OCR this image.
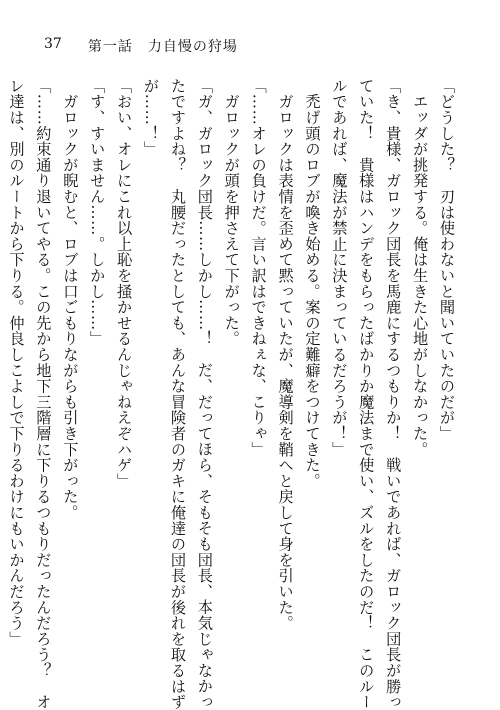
37 第一話　力自慢の狩場
「どうした？　刃は使わないと聞いていたのだが」
　エッダが挑発する。俺は生きた心地がしなかった。
「き、貴様、ガロック団長を馬鹿にするつもりか！　戦いであれば、ガロック団長が勝っ
ていた！　貴様はハンデをもらったばかりか魔法まで使い、ズルをしたのだ！　このルー
ルであれば、魔法が禁止に決まっているだろうが！」
　禿げ頭のロブが喚き始める。案の定難癖をつけてきた。
　ガロックは表情を歪めて黙っていたが、魔導剣を鞘へと戻して身を引いた。
「……オレの負けだ。言い訳はできねぇな、こりゃ」
　ガロックが頭を押さえて下がった。
「ガ、ガロック団長……しかし……！　だ、だってほら、そもそも団長、本気じゃなかっ
たですよね？　丸腰だったとしても、あんな冒険者のガキに俺達の団長が後れを取るはず
が……！」
「おい、オレにこれ以上恥を掻かせるんじゃねえぞハゲ」
「す、すいません……。しかし……」
　ガロックが睨むと、ロブは口ごもりながらも引き下がった。
「……約束通り退いてやる。この先から地下三階層に下りるつもりだったんだろう？　オ
レ達は、別のルートから下りる。仲良しこよしで下りるわけにもいかんだろう」
